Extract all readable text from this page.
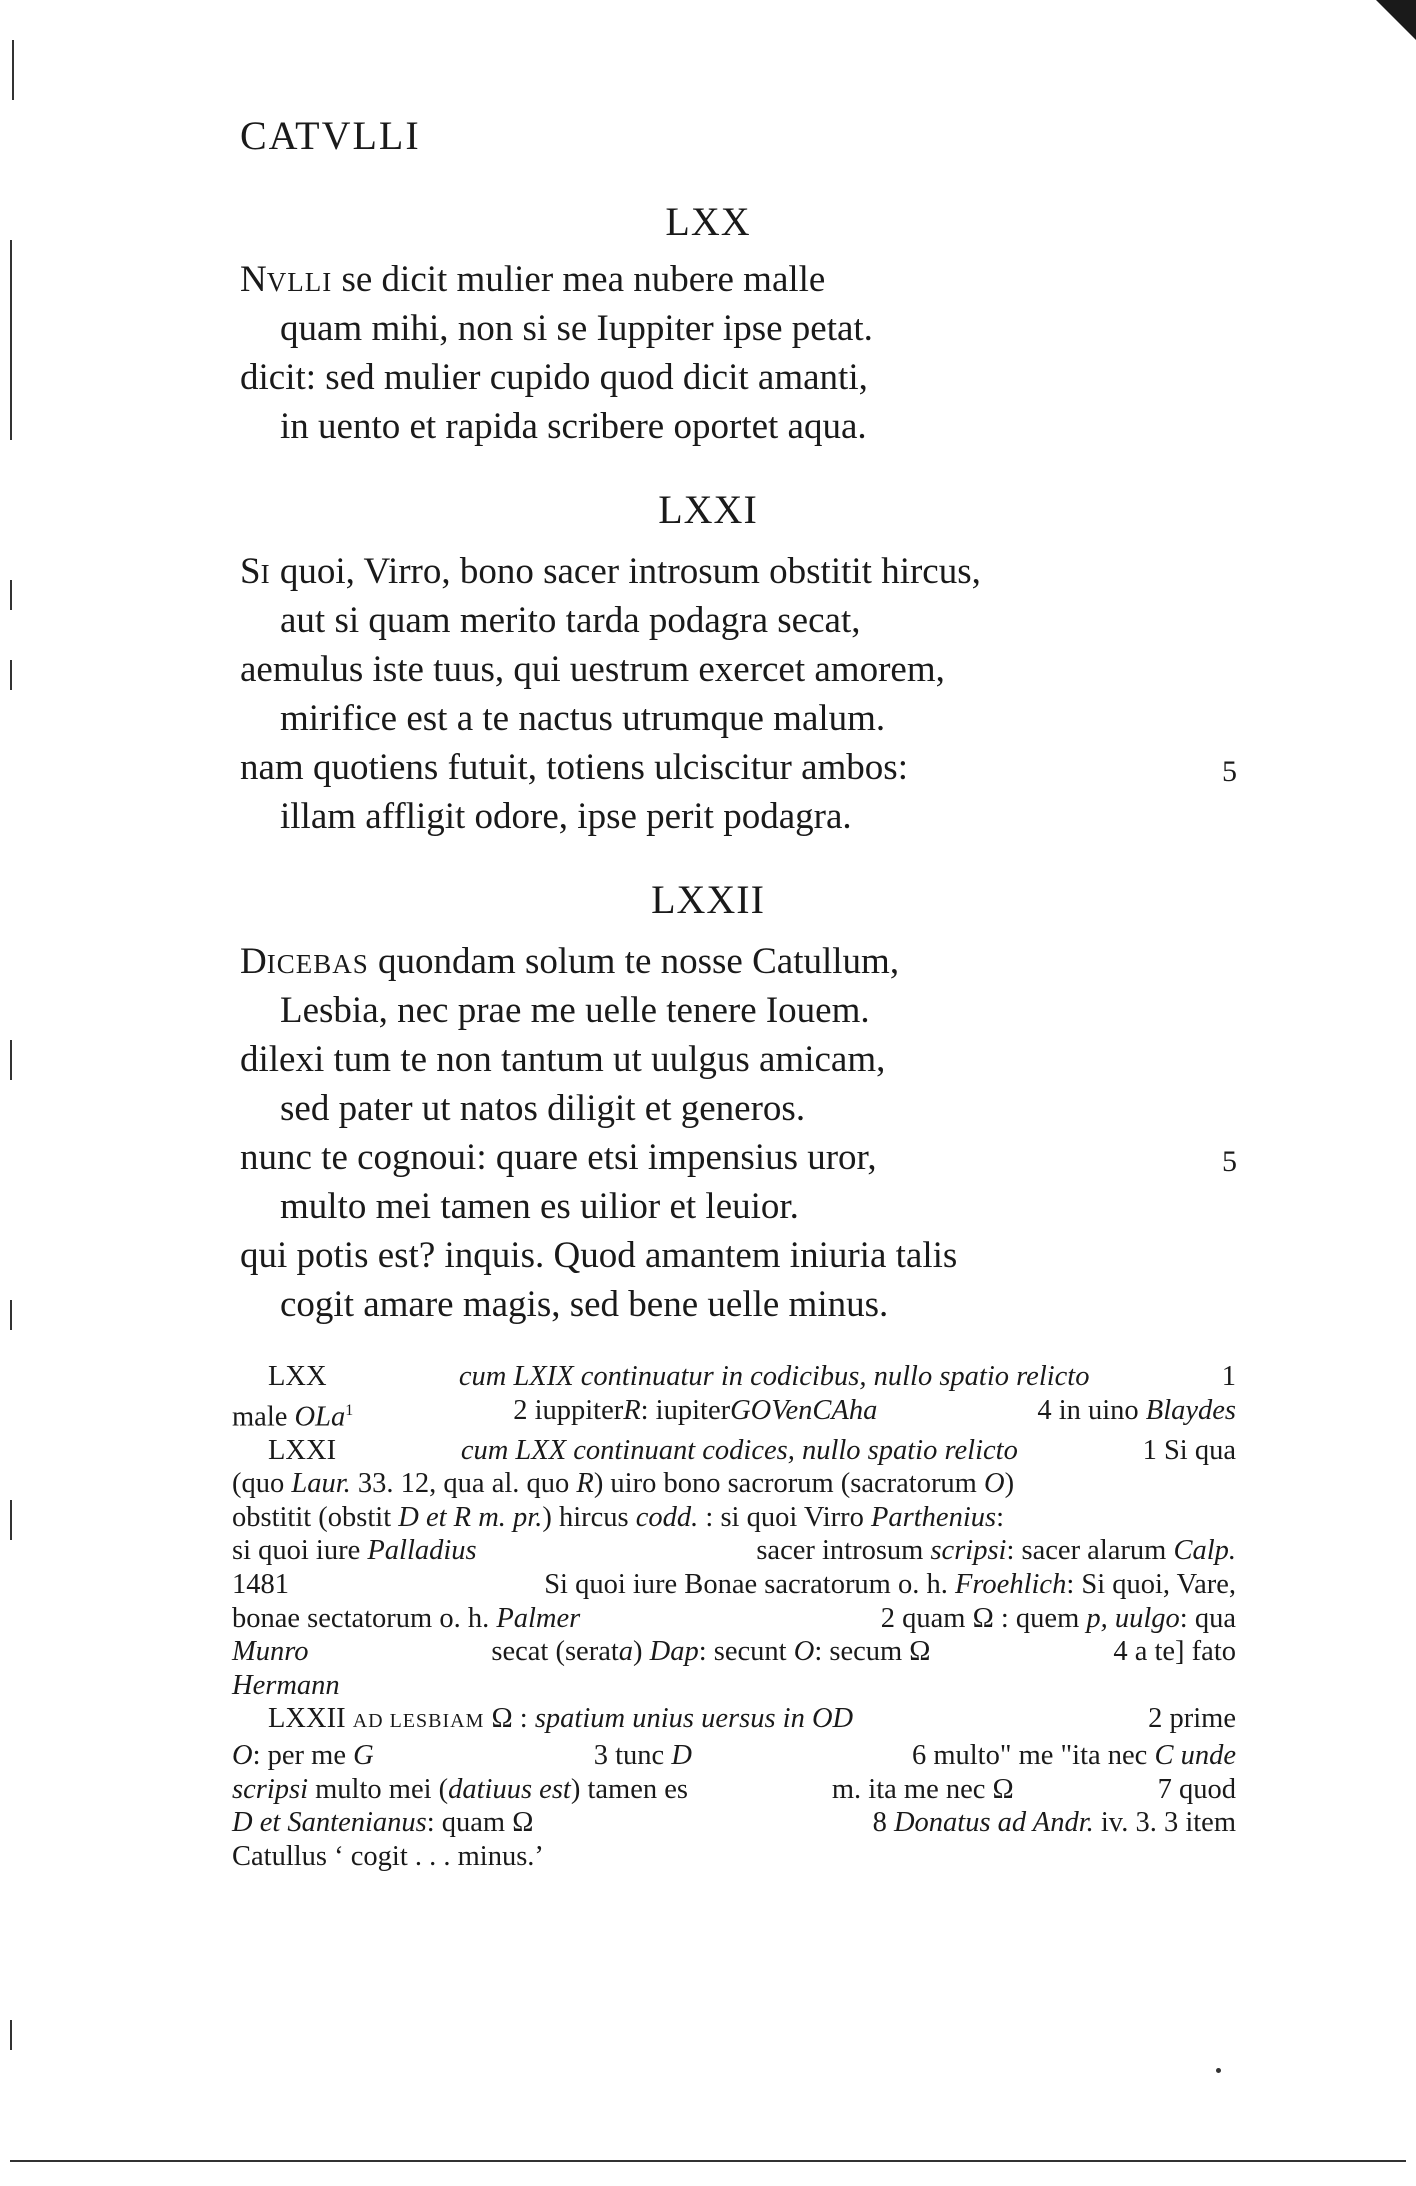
CATVLLI
LXX
NVLLI se dicit mulier mea nubere malle
quam mihi, non si se Iuppiter ipse petat.
dicit: sed mulier cupido quod dicit amanti,
in uento et rapida scribere oportet aqua.
LXXI
SI quoi, Virro, bono sacer introsum obstitit hircus,
aut si quam merito tarda podagra secat,
aemulus iste tuus, qui uestrum exercet amorem,
mirifice est a te nactus utrumque malum.
nam quotiens futuit, totiens ulciscitur ambos:	5
illam affligit odore, ipse perit podagra.
LXXII
DICEBAS quondam solum te nosse Catullum,
Lesbia, nec prae me uelle tenere Iouem.
dilexi tum te non tantum ut uulgus amicam,
sed pater ut natos diligit et generos.
nunc te cognoui: quare etsi impensius uror,	5
multo mei tamen es uilior et leuior.
qui potis est? inquis. Quod amantem iniuria talis
cogit amare magis, sed bene uelle minus.
LXX	cum LXIX continuatur in codicibus, nullo spatio relicto	1
male OLa$^1$	2 iuppiterR: iupiterGOVenCAha	4 in uino Blaydes
LXXI	cum LXX continuant codices, nullo spatio relicto	1 Si qua
(quo Laur. 33. 12, qua al. quo R) uiro bono sacrorum (sacratorum O)
obstitit (obstit D et R m. pr.) hircus codd. : si quoi Virro Parthenius:
si quoi iure Palladius	sacer introsum scripsi: sacer alarum Calp.
1481	Si quoi iure Bonae sacratorum o. h. Froehlich: Si quoi, Vare,
bonae sectatorum o. h. Palmer	2 quam Ω : quem p, uulgo: qua
Munro	secat (serata) Dap: secunt O: secum Ω	4 a te] fato
Hermann
LXXII AD LESBIAM Ω : spatium unius uersus in OD	2 prime
O: per me G	3 tunc D	6 multo" me "ita nec C unde
scripsi multo mei (datiuus est) tamen es	m. ita me nec Ω	7 quod
D et Santenianus: quam Ω	8 Donatus ad Andr. iv. 3. 3 item
Catullus ‘ cogit . . . minus.’
